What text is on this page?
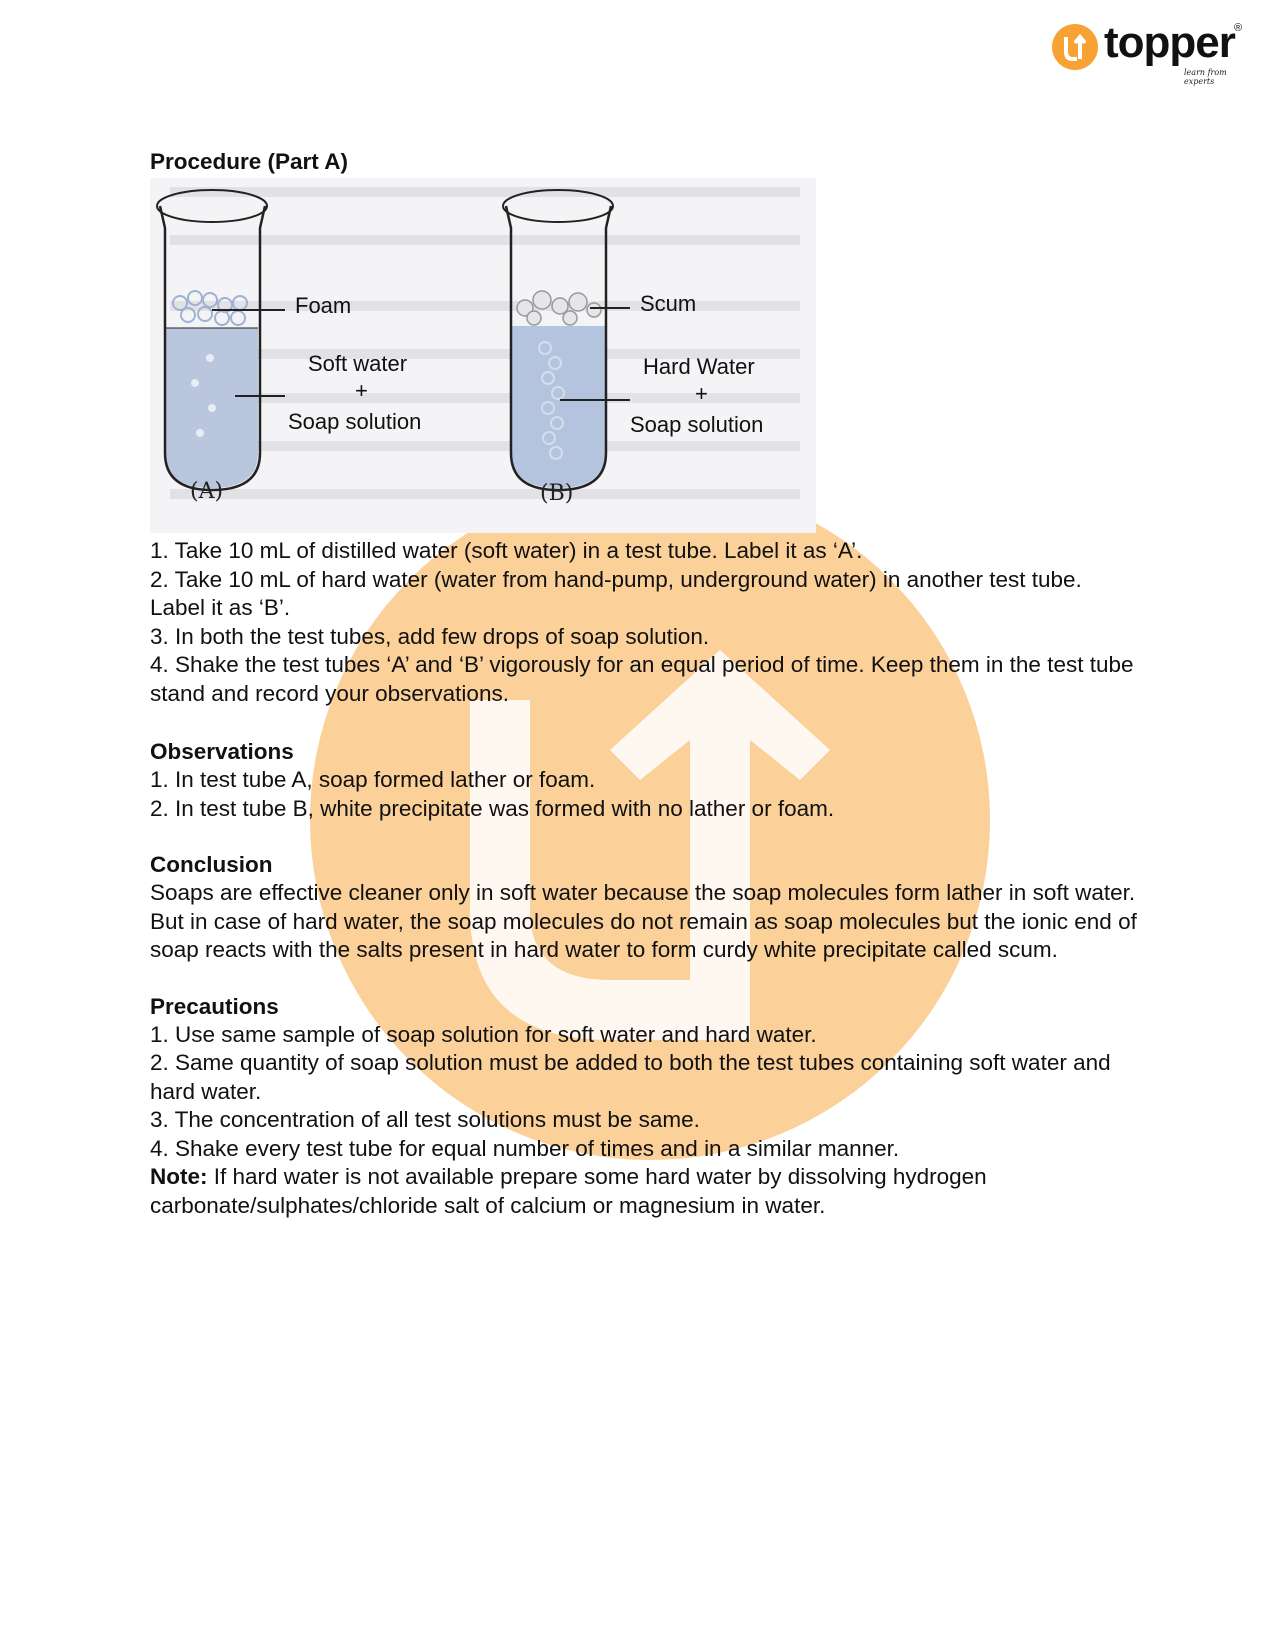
topper ®
learn from experts
Procedure (Part A)
Foam
Soft water
+
Soap solution
(A)
Scum
Hard Water
+
Soap solution
(B)

1. Take 10 mL of distilled water (soft water) in a test tube. Label it as ‘A’.

2. Take 10 mL of hard water (water from hand-pump, underground water) in another test tube. Label it as ‘B’.

3. In both the test tubes, add few drops of soap solution.

4. Shake the test tubes ‘A’ and ‘B’ vigorously for an equal period of time. Keep them in the test tube stand and record your observations.

Observations

1. In test tube A, soap formed lather or foam.

2. In test tube B, white precipitate was formed with no lather or foam.

Conclusion

Soaps are effective cleaner only in soft water because the soap molecules form lather in soft water. But in case of hard water, the soap molecules do not remain as soap molecules but the ionic end of soap reacts with the salts present in hard water to form curdy white precipitate called scum.

Precautions

1. Use same sample of soap solution for soft water and hard water.

2. Same quantity of soap solution must be added to both the test tubes containing soft water and hard water.

3. The concentration of all test solutions must be same.

4. Shake every test tube for equal number of times and in a similar manner.

Note: If hard water is not available prepare some hard water by dissolving hydrogen carbonate/sulphates/chloride salt of calcium or magnesium in water.
